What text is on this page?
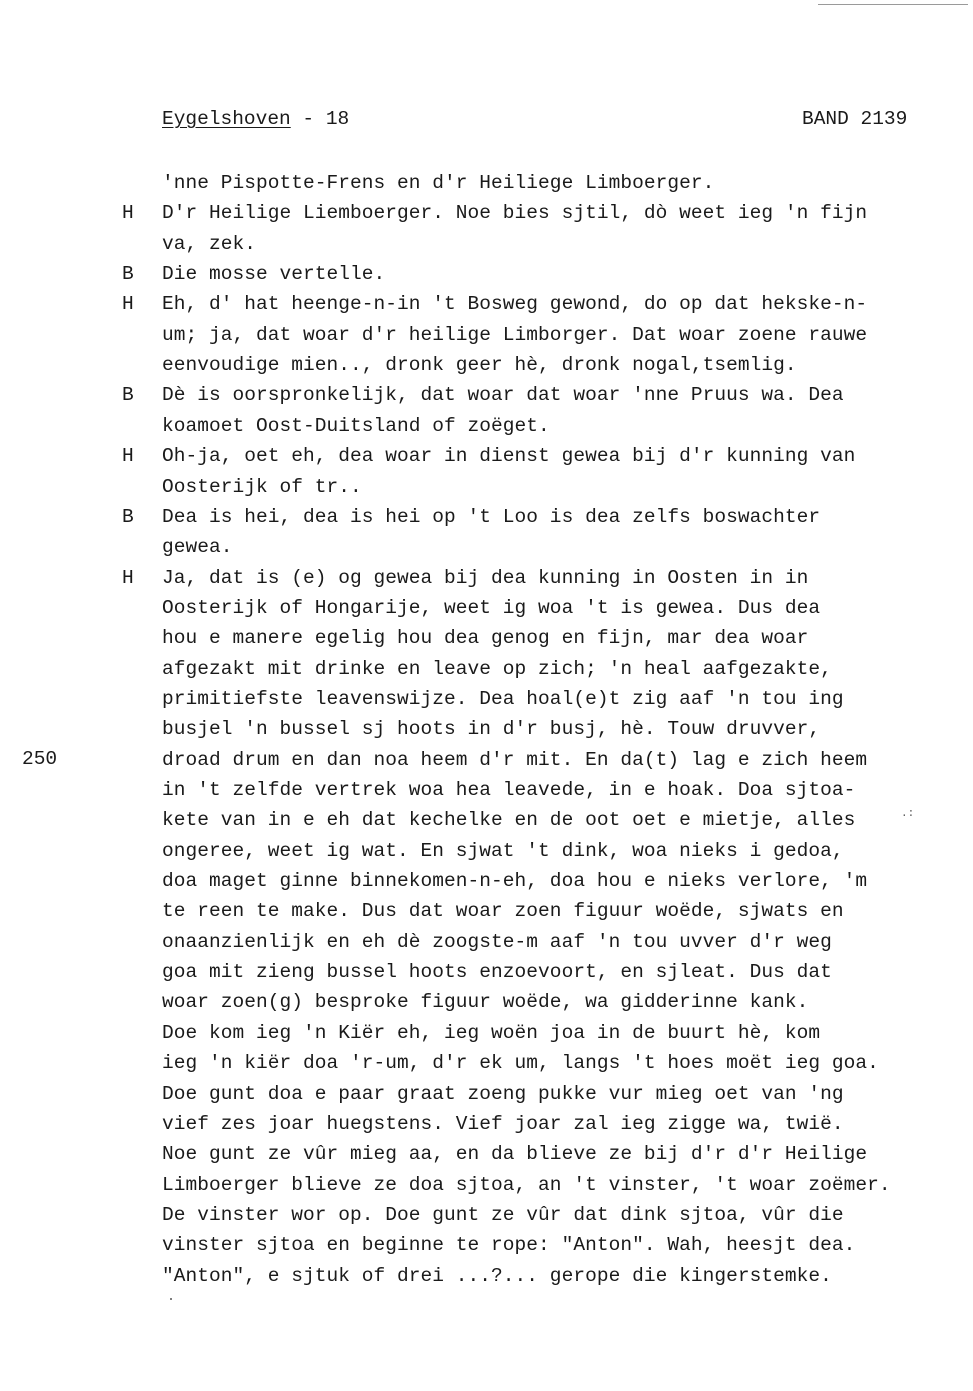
Eygelshoven - 18	BAND 2139
250
'nne Pispotte-Frens en d'r Heiliege Limboerger.
H D'r Heilige Liemboerger. Noe bies sjtil, dò weet ieg 'n fijn
va, zek.
B Die mosse vertelle.
H Eh, d' hat heenge-n-in 't Bosweg gewond, do op dat hekske-n-
um; ja, dat woar d'r heilige Limborger. Dat woar zoene rauwe
eenvoudige mien.., dronk geer hè, dronk nogal,tsemlig.
B Dè is oorspronkelijk, dat woar dat woar 'nne Pruus wa. Dea
koamoet Oost-Duitsland of zoëget.
H Oh-ja, oet eh, dea woar in dienst gewea bij d'r kunning van
Oosterijk of tr..
B Dea is hei, dea is hei op 't Loo is dea zelfs boswachter
gewea.
H Ja, dat is (e) og gewea bij dea kunning in Oosten in in
Oosterijk of Hongarije, weet ig woa 't is gewea. Dus dea
hou e manere egelig hou dea genog en fijn, mar dea woar
afgezakt mit drinke en leave op zich; 'n heal aafgezakte,
primitiefste leavenswijze. Dea hoal(e)t zig aaf 'n tou ing
busjel 'n bussel sj hoots in d'r busj, hè. Touw druvver,
droad drum en dan noa heem d'r mit. En da(t) lag e zich heem
in 't zelfde vertrek woa hea leavede, in e hoak. Doa sjtoa-
kete van in e eh dat kechelke en de oot oet e mietje, alles
ongeree, weet ig wat. En sjwat 't dink, woa nieks i gedoa,
doa maget ginne binnekomen-n-eh, doa hou e nieks verlore, 'm
te reen te make. Dus dat woar zoen figuur woëde, sjwats en
onaanzienlijk en eh dè zoogste-m aaf 'n tou uvver d'r weg
goa mit zieng bussel hoots enzoevoort, en sjleat. Dus dat
woar zoen(g) besproke figuur woëde, wa gidderinne kank.
Doe kom ieg 'n Kiër eh, ieg woën joa in de buurt hè, kom
ieg 'n kiër doa 'r-um, d'r ek um, langs 't hoes moët ieg goa.
Doe gunt doa e paar graat zoeng pukke vur mieg oet van 'ng
vief zes joar huegstens. Vief joar zal ieg zigge wa, twië.
Noe gunt ze vûr mieg aa, en da blieve ze bij d'r d'r Heilige
Limboerger blieve ze doa sjtoa, an 't vinster, 't woar zoëmer.
De vinster wor op. Doe gunt ze vûr dat dink sjtoa, vûr die
vinster sjtoa en beginne te rope: "Anton". Wah, heesjt dea.
"Anton", e sjtuk of drei ...?... gerope die kingerstemke.
.:
